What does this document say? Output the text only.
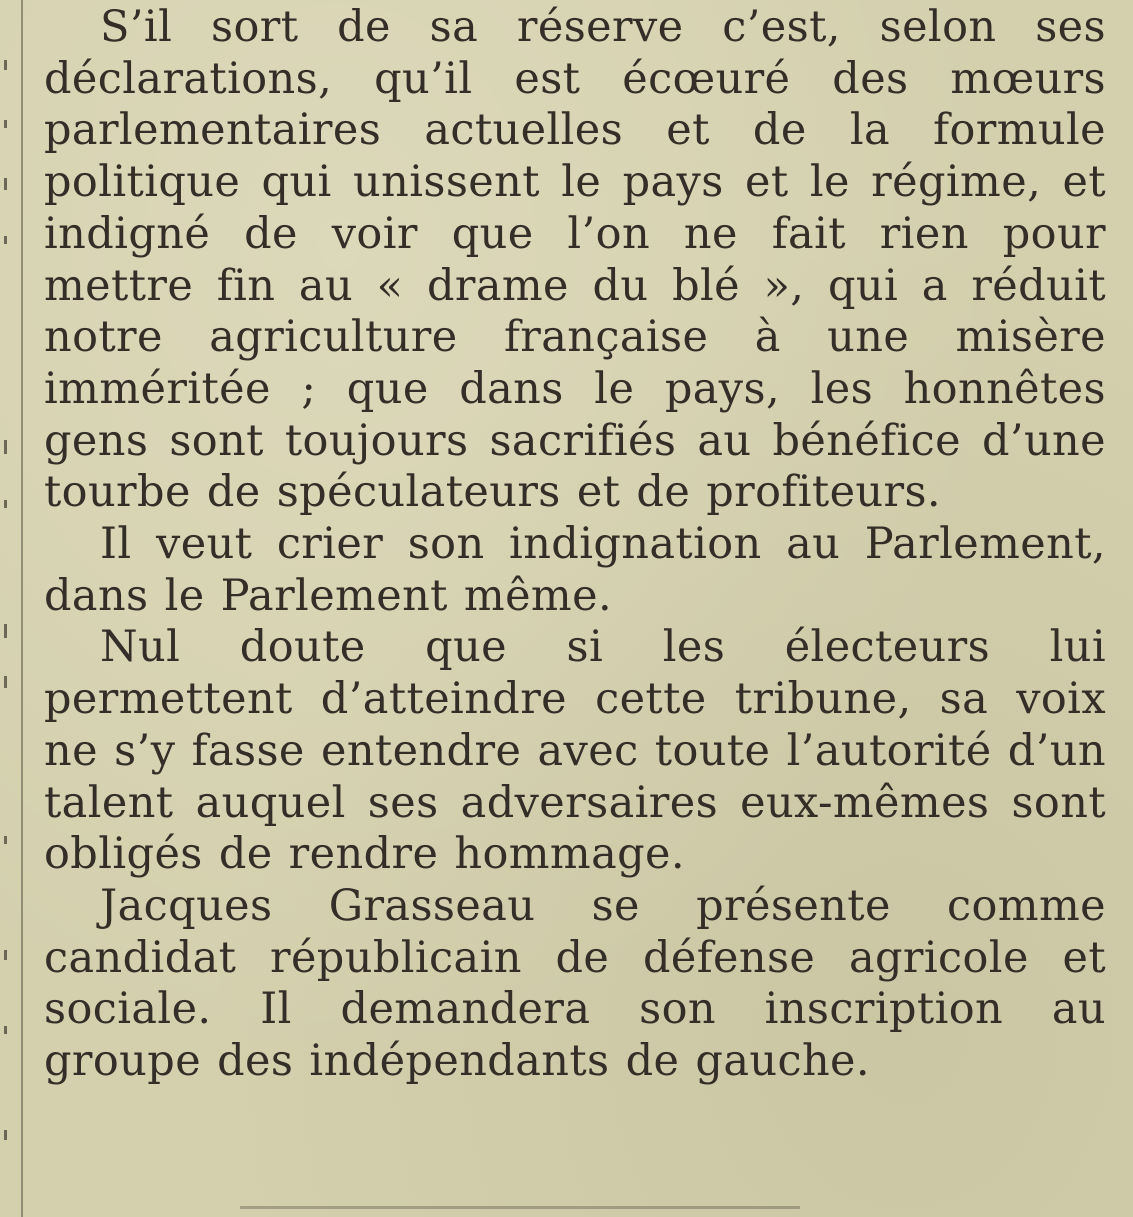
S’il sort de sa réserve c’est, selon ses déclarations, qu’il est écœuré des mœurs parlementaires actuelles et de la formule politique qui unissent le pays et le régime, et indigné de voir que l’on ne fait rien pour mettre fin au « drame du blé », qui a réduit notre agriculture française à une misère imméritée ; que dans le pays, les honnêtes gens sont toujours sacrifiés au bénéfice d’une tourbe de spéculateurs et de profiteurs.

Il veut crier son indignation au Parlement, dans le Parlement même.

Nul doute que si les électeurs lui permettent d’atteindre cette tribune, sa voix ne s’y fasse entendre avec toute l’autorité d’un talent auquel ses adversaires eux-mêmes sont obligés de rendre hommage.

Jacques Grasseau se présente comme candidat républicain de défense agricole et sociale. Il demandera son inscription au groupe des indépendants de gauche.
